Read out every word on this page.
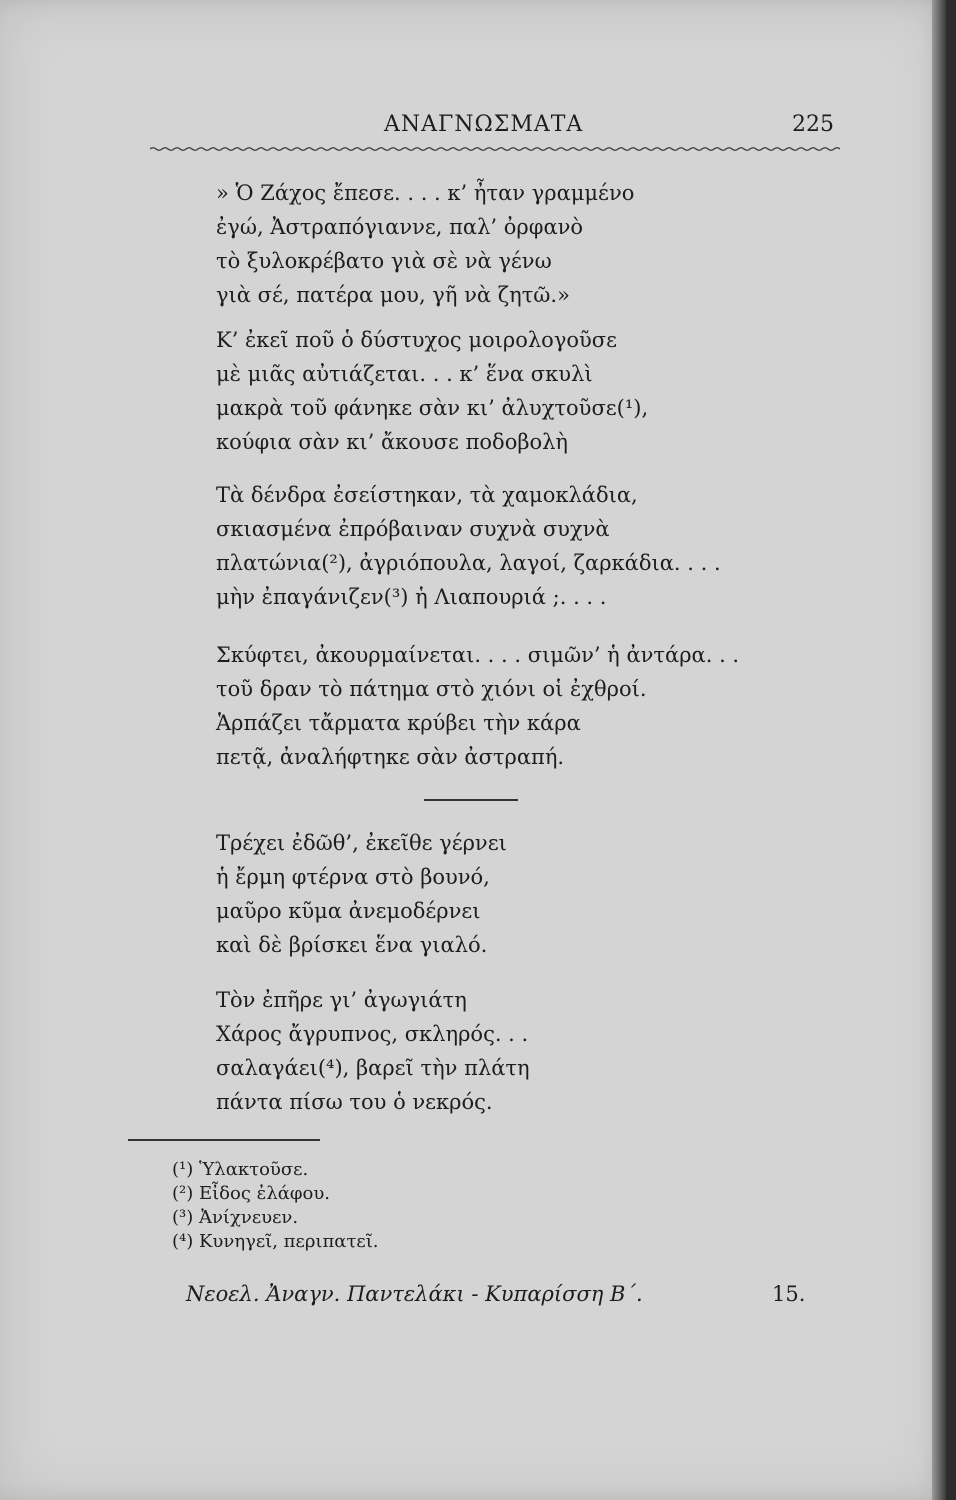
ΑΝΑΓΝΩΣΜΑΤΑ	225
» Ὁ Ζάχος ἔπεσε. . . . κ’ ἦταν γραμμένο
ἐγώ, Ἀστραπόγιαννε, παλ’ ὀρφανὸ
τὸ ξυλοκρέβατο γιὰ σὲ νὰ γένω
γιὰ σέ, πατέρα μου, γῆ νὰ ζητῶ.»
Κ’ ἐκεῖ ποῦ ὁ δύστυχος μοιρολογοῦσε
μὲ μιᾶς αὐτιάζεται. . . κ’ ἕνα σκυλὶ
μακρὰ τοῦ φάνηκε σὰν κι’ ἀλυχτοῦσε(¹),
κούφια σὰν κι’ ἄκουσε ποδοβολὴ
Τὰ δένδρα ἐσείστηκαν, τὰ χαμοκλάδια,
σκιασμένα ἐπρόβαιναν συχνὰ συχνὰ
πλατώνια(²), ἀγριόπουλα, λαγοί, ζαρκάδια. . . .
μὴν ἐπαγάνιζεν(³) ἡ Λιαπουριά ;. . . .
Σκύφτει, ἀκουρμαίνεται. . . . σιμῶν’ ἡ ἀντάρα. . .
τοῦ δραν τὸ πάτημα στὸ χιόνι οἱ ἐχθροί.
Ἁρπάζει τἄρματα κρύβει τὴν κάρα
πετᾷ, ἀναλήφτηκε σὰν ἀστραπή.
Τρέχει ἐδῶθ’, ἐκεῖθε γέρνει
ἡ ἔρμη φτέρνα στὸ βουνό,
μαῦρο κῦμα ἀνεμοδέρνει
καὶ δὲ βρίσκει ἕνα γιαλό.
Τὸν ἐπῆρε γι’ ἀγωγιάτη
Χάρος ἄγρυπνος, σκληρός. . .
σαλαγάει(⁴), βαρεῖ τὴν πλάτη
πάντα πίσω του ὁ νεκρός.
(¹) Ὑλακτοῦσε.
(²) Εἶδος ἐλάφου.
(³) Ἀνίχνευεν.
(⁴) Κυνηγεῖ, περιπατεῖ.
Νεοελ. Ἀναγν. Παντελάκι - Κυπαρίσση Β΄.	15.
